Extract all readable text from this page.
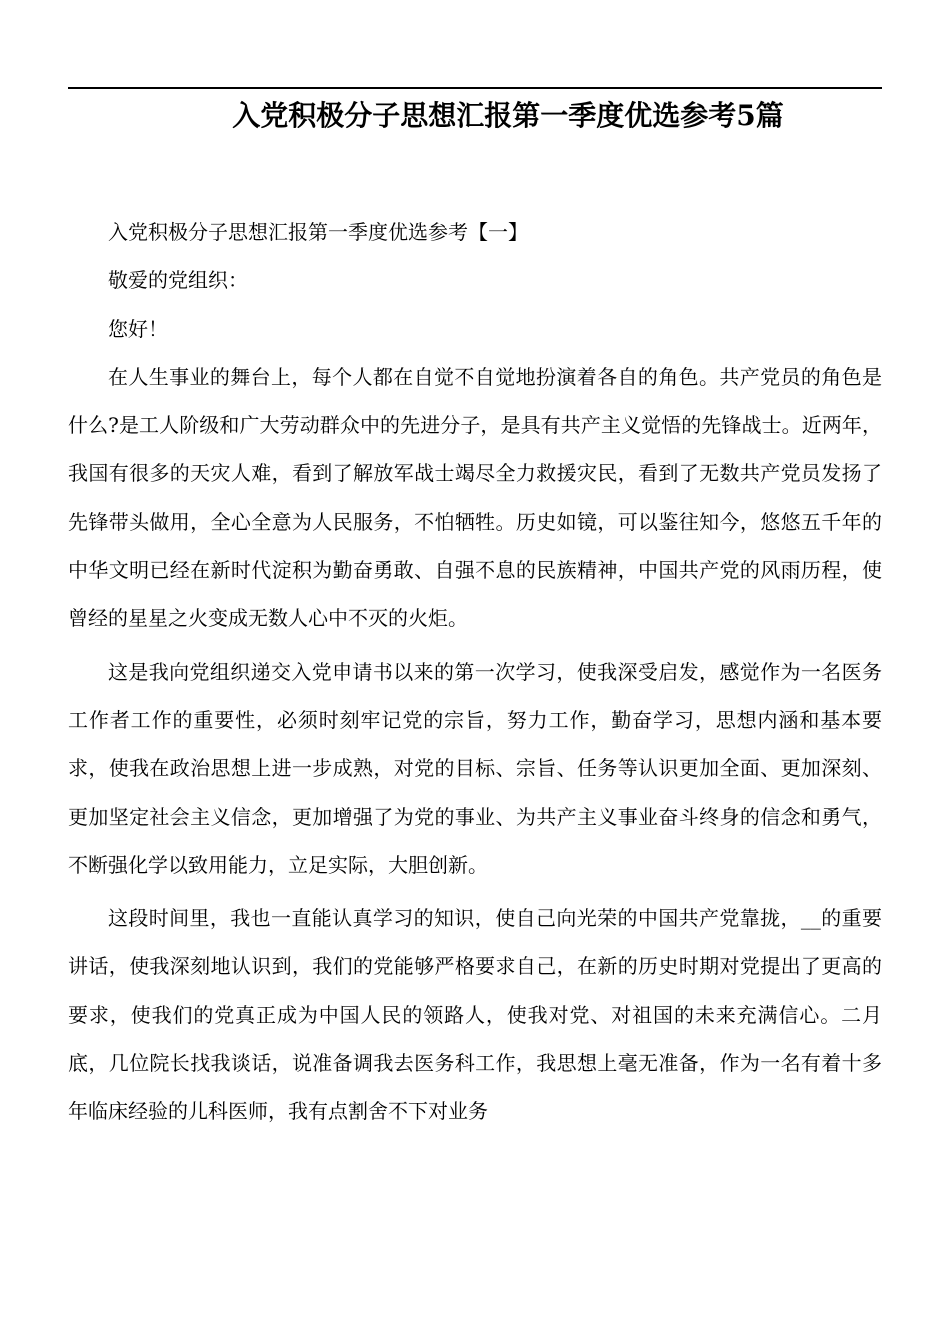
入党积极分子思想汇报第一季度优选参考5篇

入党积极分子思想汇报第一季度优选参考【一】

敬爱的党组织：

您好！

在人生事业的舞台上，每个人都在自觉不自觉地扮演着各自的角色。共产党员的角色是什么?是工人阶级和广大劳动群众中的先进分子，是具有共产主义觉悟的先锋战士。近两年，我国有很多的天灾人难，看到了解放军战士竭尽全力救援灾民，看到了无数共产党员发扬了先锋带头做用，全心全意为人民服务，不怕牺牲。历史如镜，可以鉴往知今，悠悠五千年的中华文明已经在新时代淀积为勤奋勇敢、自强不息的民族精神，中国共产党的风雨历程，使曾经的星星之火变成无数人心中不灭的火炬。

这是我向党组织递交入党申请书以来的第一次学习，使我深受启发，感觉作为一名医务工作者工作的重要性，必须时刻牢记党的宗旨，努力工作，勤奋学习，思想内涵和基本要求，使我在政治思想上进一步成熟，对党的目标、宗旨、任务等认识更加全面、更加深刻、更加坚定社会主义信念，更加增强了为党的事业、为共产主义事业奋斗终身的信念和勇气，不断强化学以致用能力，立足实际，大胆创新。

这段时间里，我也一直能认真学习的知识，使自己向光荣的中国共产党靠拢，__的重要讲话，使我深刻地认识到，我们的党能够严格要求自己，在新的历史时期对党提出了更高的要求，使我们的党真正成为中国人民的领路人，使我对党、对祖国的未来充满信心。二月底，几位院长找我谈话，说准备调我去医务科工作，我思想上毫无准备，作为一名有着十多年临床经验的儿科医师，我有点割舍不下对业务
